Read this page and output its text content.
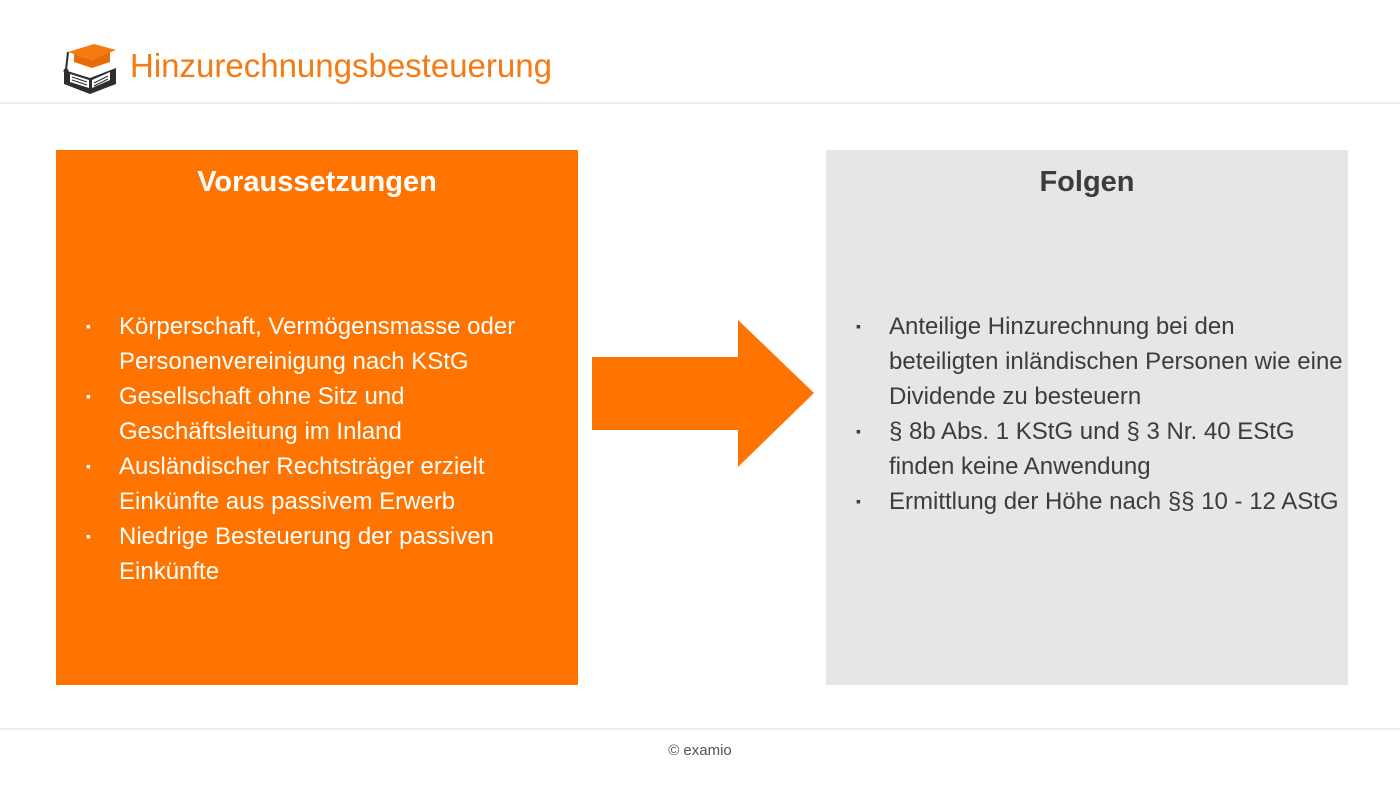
Hinzurechnungsbesteuerung
Voraussetzungen
▪ Körperschaft, Vermögensmasse oder Personenvereinigung nach KStG
▪ Gesellschaft ohne Sitz und Geschäftsleitung im Inland
▪ Ausländischer Rechtsträger erzielt Einkünfte aus passivem Erwerb
▪ Niedrige Besteuerung der passiven Einkünfte
Folgen
▪ Anteilige Hinzurechnung bei den beteiligten inländischen Personen wie eine Dividende zu besteuern
▪ § 8b Abs. 1 KStG und § 3 Nr. 40 EStG finden keine Anwendung
▪ Ermittlung der Höhe nach §§ 10 - 12 AStG
© examio
